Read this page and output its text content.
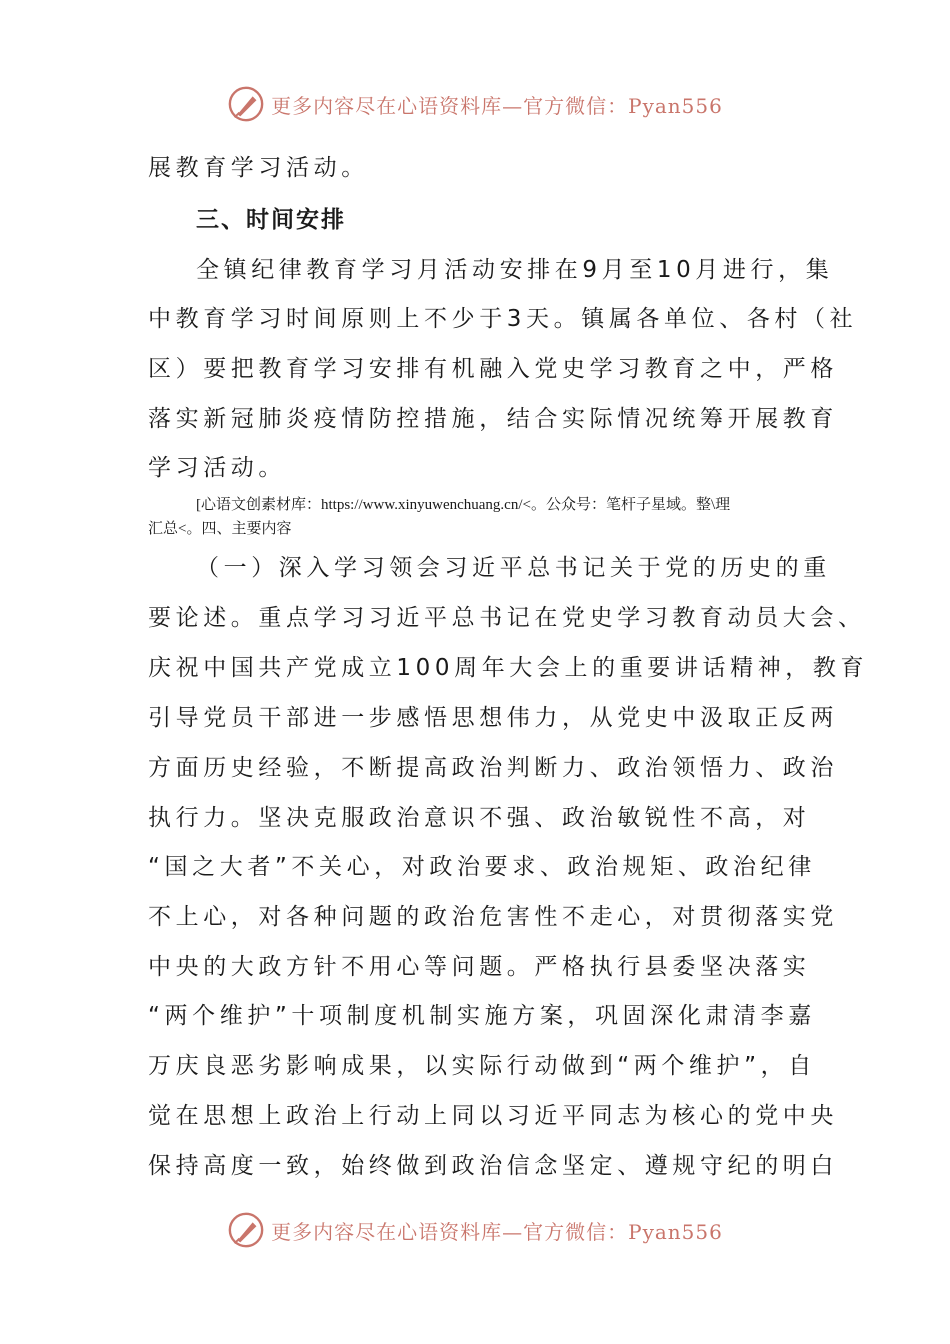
更多内容尽在心语资料库—官方微信：Pyan556
展教育学习活动。
三、时间安排
全镇纪律教育学习月活动安排在9月至10月进行，集
中教育学习时间原则上不少于3天。镇属各单位、各村（社
区）要把教育学习安排有机融入党史学习教育之中，严格
落实新冠肺炎疫情防控措施，结合实际情况统筹开展教育
学习活动。
[心语文创素材库：https://www.xinyuwenchuang.cn/<。公众号：笔杆子星域。整\理
汇总<。四、主要内容
（一）深入学习领会习近平总书记关于党的历史的重
要论述。重点学习习近平总书记在党史学习教育动员大会、
庆祝中国共产党成立100周年大会上的重要讲话精神，教育
引导党员干部进一步感悟思想伟力，从党史中汲取正反两
方面历史经验，不断提高政治判断力、政治领悟力、政治
执行力。坚决克服政治意识不强、政治敏锐性不高，对
“国之大者”不关心，对政治要求、政治规矩、政治纪律
不上心，对各种问题的政治危害性不走心，对贯彻落实党
中央的大政方针不用心等问题。严格执行县委坚决落实
“两个维护”十项制度机制实施方案，巩固深化肃清李嘉
万庆良恶劣影响成果，以实际行动做到“两个维护”，自
觉在思想上政治上行动上同以习近平同志为核心的党中央
保持高度一致，始终做到政治信念坚定、遵规守纪的明白
更多内容尽在心语资料库—官方微信：Pyan556
